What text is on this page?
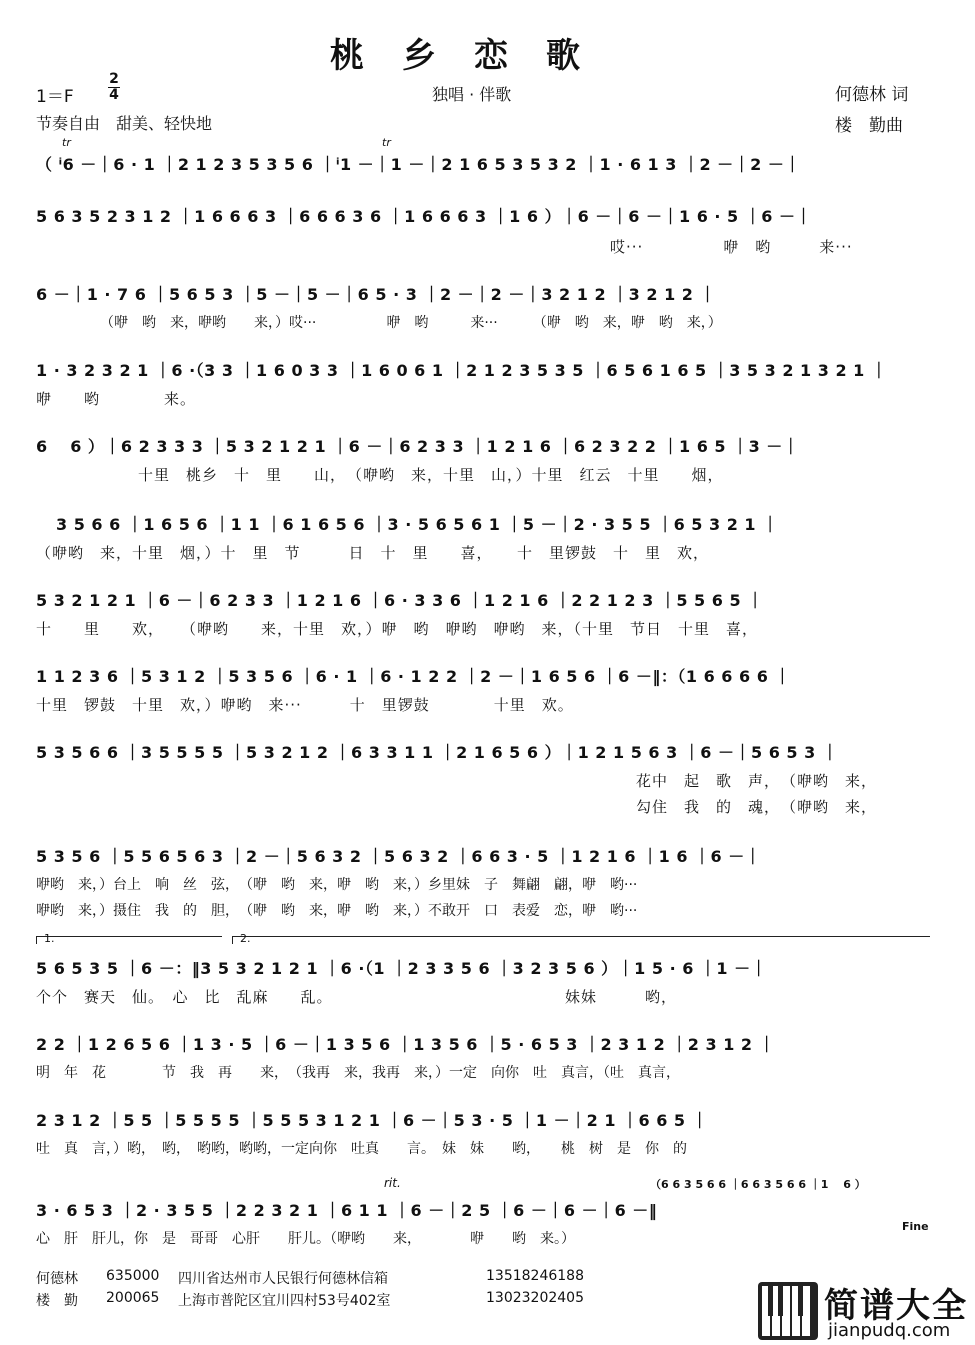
桃乡恋歌
1＝F
2
4	独唱 · 伴歌
节奏自由　甜美、轻快地
何德林 词
楼　勤曲
tr	tr
（ ⁱ6 －｜6 · 1 ｜2 1 2 3 5 3 5 6 ｜ⁱ1 －｜1 －｜2 1 6 5 3 5 3 2 ｜1 · 6 1 3 ｜2 －｜2 －｜
5 6 3 5 2 3 1 2 ｜1 6 6 6 3 ｜6 6 6 3 6 ｜1 6 6 6 3 ｜1 6 ）｜6 －｜6 －｜1 6 · 5 ｜6 －｜
哎···　　　　　咿　哟　　　来···
6 －｜1 · 7 6 ｜5 6 5 3 ｜5 －｜5 －｜6 5 · 3 ｜2 －｜2 －｜3 2 1 2 ｜3 2 1 2 ｜
（咿　哟　来，咿哟　　来，）哎···　　　　　咿　哟　　　来···　　　（咿　哟　来，咿　哟　来，）
1 · 3 2 3 2 1 ｜6 ·（3 3 ｜1 6 0 3 3 ｜1 6 0 6 1 ｜2 1 2 3 5 3 5 ｜6 5 6 1 6 5 ｜3 5 3 2 1 3 2 1 ｜
咿　　哟　　　　来。
6　 6 ）｜6 2 3 3 3 ｜5 3 2 1 2 1 ｜6 －｜6 2 3 3 ｜1 2 1 6 ｜6 2 3 2 2 ｜1 6 5 ｜3 －｜
十里　桃乡　十　里　　山，　（咿哟　来，十里　山，）十里　红云　十里　　烟，
3 5 6 6 ｜1 6 5 6 ｜1 1 ｜6 1 6 5 6 ｜3 · 5 6 5 6 1 ｜5 －｜2 · 3 5 5 ｜6 5 3 2 1 ｜
（咿哟　来，十里　烟，）十　里　节　　　日　十　里　　喜，　　十　里锣鼓　十　里　欢，
5 3 2 1 2 1 ｜6 －｜6 2 3 3 ｜1 2 1 6 ｜6 · 3 3 6 ｜1 2 1 6 ｜2 2 1 2 3 ｜5 5 6 5 ｜
十　　里　　欢，　　（咿哟　　来，十里　欢，）咿　哟　咿哟　咿哟　来，（十里　节日　十里　喜，
1 1 2 3 6 ｜5 3 1 2 ｜5 3 5 6 ｜6 · 1 ｜6 · 1 2 2 ｜2 －｜1 6 5 6 ｜6 －‖：（1 6 6 6 6 ｜
十里　锣鼓　十里　欢，）咿哟　来···　　　十　里锣鼓　　　　十里　欢。
5 3 5 6 6 ｜3 5 5 5 5 ｜5 3 2 1 2 ｜6 3 3 1 1 ｜2 1 6 5 6 ）｜1 2 1 5 6 3 ｜6 －｜5 6 5 3 ｜
花中　起　歌　声，　（咿哟　来，
勾住　我　的　魂，　（咿哟　来，
5 3 5 6 ｜5 5 6 5 6 3 ｜2 －｜5 6 3 2 ｜5 6 3 2 ｜6 6 3 · 5 ｜1 2 1 6 ｜1 6 ｜6 －｜
咿哟　来，）台上　响　丝　弦，　（咿　哟　来，咿　哟　来，）乡里妹　子　舞翩　翩，咿　哟···
咿哟　来，）摄住　我　的　胆，　（咿　哟　来，咿　哟　来，）不敢开　口　表爱　恋，咿　哟···
1.	2.
5 6 5 3 5 ｜6 －：‖3 5 3 2 1 2 1 ｜6 ·（1 ｜2 3 3 5 6 ｜3 2 3 5 6 ）｜1 5 · 6 ｜1 －｜
个个　赛天　仙。　心　比　乱麻　　乱。　　　　　　　　　　　　　　　妹妹　　　哟，
2 2 ｜1 2 6 5 6 ｜1 3 · 5 ｜6 －｜1 3 5 6 ｜1 3 5 6 ｜5 · 6 5 3 ｜2 3 1 2 ｜2 3 1 2 ｜
明　年　花　　　　节　我　再　　来，　（我再　来，我再　来，）一定　向你　吐　真言，（吐　真言，
2 3 1 2 ｜5 5 ｜5 5 5 5 ｜5 5 5 3 1 2 1 ｜6 －｜5 3 · 5 ｜1 －｜2 1 ｜6 6 5 ｜
吐　真　言，）哟，　哟，　哟哟，哟哟，一定向你　吐真　　言。　妹　妹　　哟，　　桃　树　是　你　的
rit.	（6 6 3 5 6 6 ｜6 6 3 5 6 6 ｜1　 6 ）
3 · 6 5 3 ｜2 · 3 5 5 ｜2 2 3 2 1 ｜6 1 1 ｜6 －｜2 5 ｜6 －｜6 －｜6 －‖
Fine
心　肝　肝儿，你　是　哥哥　心肝　　肝儿。（咿哟　　来，　　　　咿　　哟　来。）
何德林 635000 四川省达州市人民银行何德林信箱	13518246188
楼　勤 200065 上海市普陀区宜川四村53号402室	13023202405	简谱大全
jianpudq.com
